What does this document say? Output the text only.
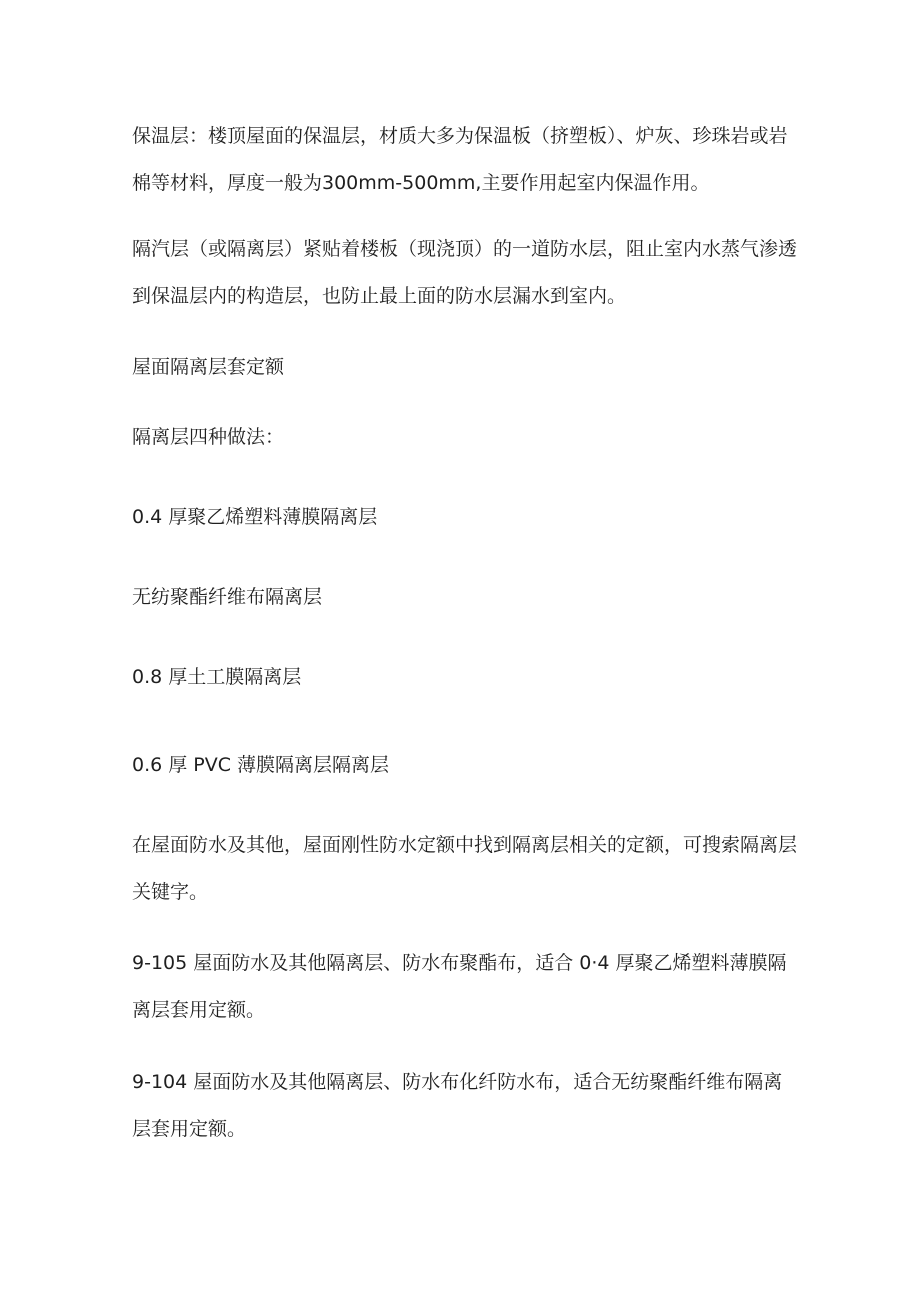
保温层：楼顶屋面的保温层，材质大多为保温板（挤塑板）、炉灰、珍珠岩或岩棉等材料，厚度一般为300mm-500mm,主要作用起室内保温作用。

隔汽层（或隔离层）紧贴着楼板（现浇顶）的一道防水层，阻止室内水蒸气渗透到保温层内的构造层，也防止最上面的防水层漏水到室内。

屋面隔离层套定额

隔离层四种做法：

0.4 厚聚乙烯塑料薄膜隔离层

无纺聚酯纤维布隔离层

0.8 厚土工膜隔离层

0.6 厚 PVC 薄膜隔离层隔离层

在屋面防水及其他，屋面刚性防水定额中找到隔离层相关的定额，可搜索隔离层关键字。

9-105 屋面防水及其他隔离层、防水布聚酯布，适合 0·4 厚聚乙烯塑料薄膜隔离层套用定额。

9-104 屋面防水及其他隔离层、防水布化纤防水布，适合无纺聚酯纤维布隔离层套用定额。
